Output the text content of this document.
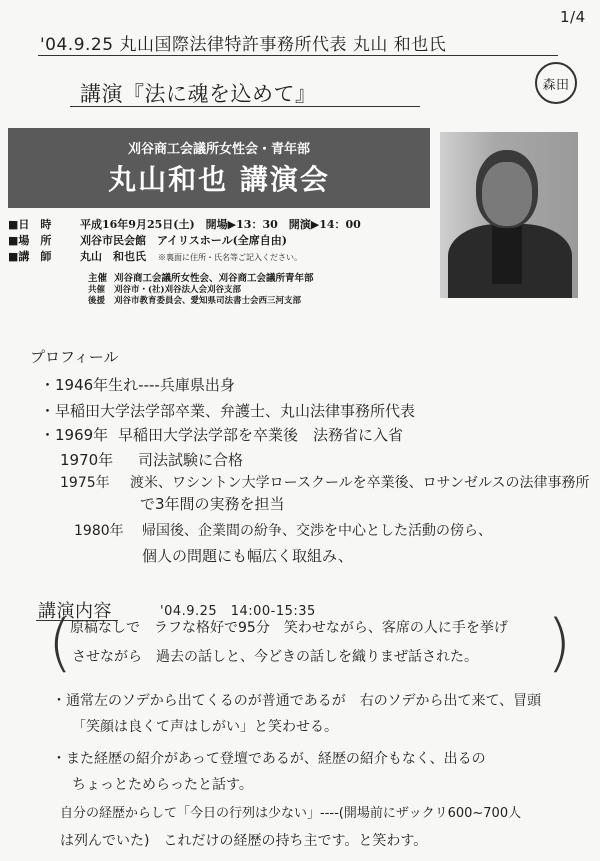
'04.9.25 丸山国際法律特許事務所代表 丸山 和也氏
1/4
森田
講演『法に魂を込めて』
刈谷商工会議所女性会・青年部
丸山和也 講演会
■日　時	平成16年9月25日(土)　開場▶13：30　開演▶14：00
■場　所	刈谷市民会館　アイリスホール(全席自由)
■講　師	丸山　和也氏 ※裏面に住所・氏名等ご記入ください。
主催 刈谷商工会議所女性会、刈谷商工会議所青年部
共催 刈谷市・(社)刈谷法人会刈谷支部
後援 刈谷市教育委員会、愛知県司法書士会西三河支部
プロフィール
・1946年生れ----兵庫県出身
・早稲田大学法学部卒業、弁護士、丸山法律事務所代表
・1969年 早稲田大学法学部を卒業後　法務省に入省
1970年 司法試験に合格
1975年 渡米、ワシントン大学ロースクールを卒業後、ロサンゼルスの法律事務所
で3年間の実務を担当
1980年 帰国後、企業間の紛争、交渉を中心とした活動の傍ら、
個人の問題にも幅広く取組み、
講演内容	'04.9.25　14:00-15:35
(	)
原稿なしで　ラフな格好で95分　笑わせながら、客席の人に手を挙げ
させながら　過去の話しと、今どきの話しを織りまぜ話された。
・通常左のソデから出てくるのが普通であるが　右のソデから出て来て、冒頭
「笑顔は良くて声はしがい」と笑わせる。
・また経歴の紹介があって登壇であるが、経歴の紹介もなく、出るの
ちょっとためらったと話す。
自分の経歴からして「今日の行列は少ない」----(開場前にザックリ600~700人
は列んでいた)　これだけの経歴の持ち主です。と笑わす。
